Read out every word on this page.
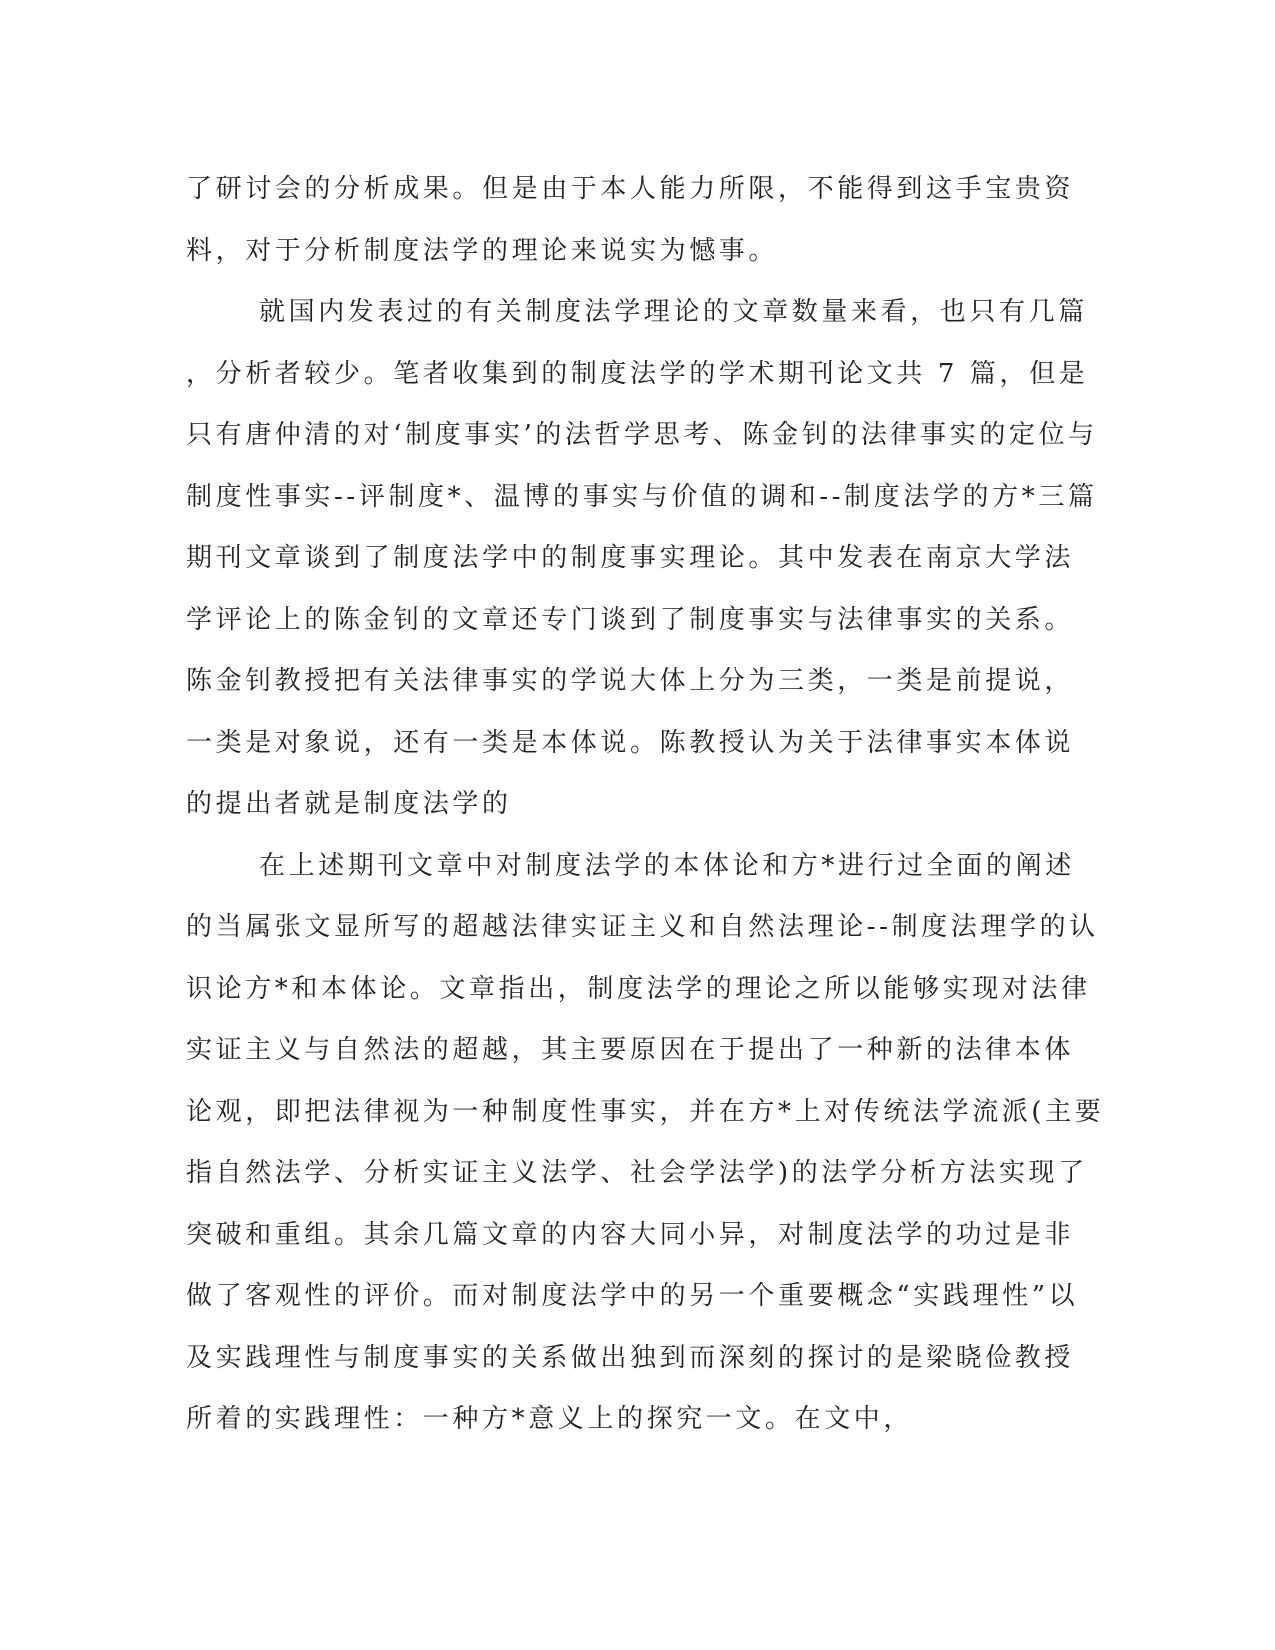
了研讨会的分析成果。但是由于本人能力所限，不能得到这手宝贵资
料，对于分析制度法学的理论来说实为憾事。
就国内发表过的有关制度法学理论的文章数量来看，也只有几篇
，分析者较少。笔者收集到的制度法学的学术期刊论文共 7 篇，但是
只有唐仲清的对‘制度事实’的法哲学思考、陈金钊的法律事实的定位与
制度性事实--评制度*、温博的事实与价值的调和--制度法学的方*三篇
期刊文章谈到了制度法学中的制度事实理论。其中发表在南京大学法
学评论上的陈金钊的文章还专门谈到了制度事实与法律事实的关系。
陈金钊教授把有关法律事实的学说大体上分为三类，一类是前提说，
一类是对象说，还有一类是本体说。陈教授认为关于法律事实本体说
的提出者就是制度法学的
在上述期刊文章中对制度法学的本体论和方*进行过全面的阐述
的当属张文显所写的超越法律实证主义和自然法理论--制度法理学的认
识论方*和本体论。文章指出，制度法学的理论之所以能够实现对法律
实证主义与自然法的超越，其主要原因在于提出了一种新的法律本体
论观，即把法律视为一种制度性事实，并在方*上对传统法学流派(主要
指自然法学、分析实证主义法学、社会学法学)的法学分析方法实现了
突破和重组。其余几篇文章的内容大同小异，对制度法学的功过是非
做了客观性的评价。而对制度法学中的另一个重要概念“实践理性”以
及实践理性与制度事实的关系做出独到而深刻的探讨的是梁晓俭教授
所着的实践理性：一种方*意义上的探究一文。在文中，
